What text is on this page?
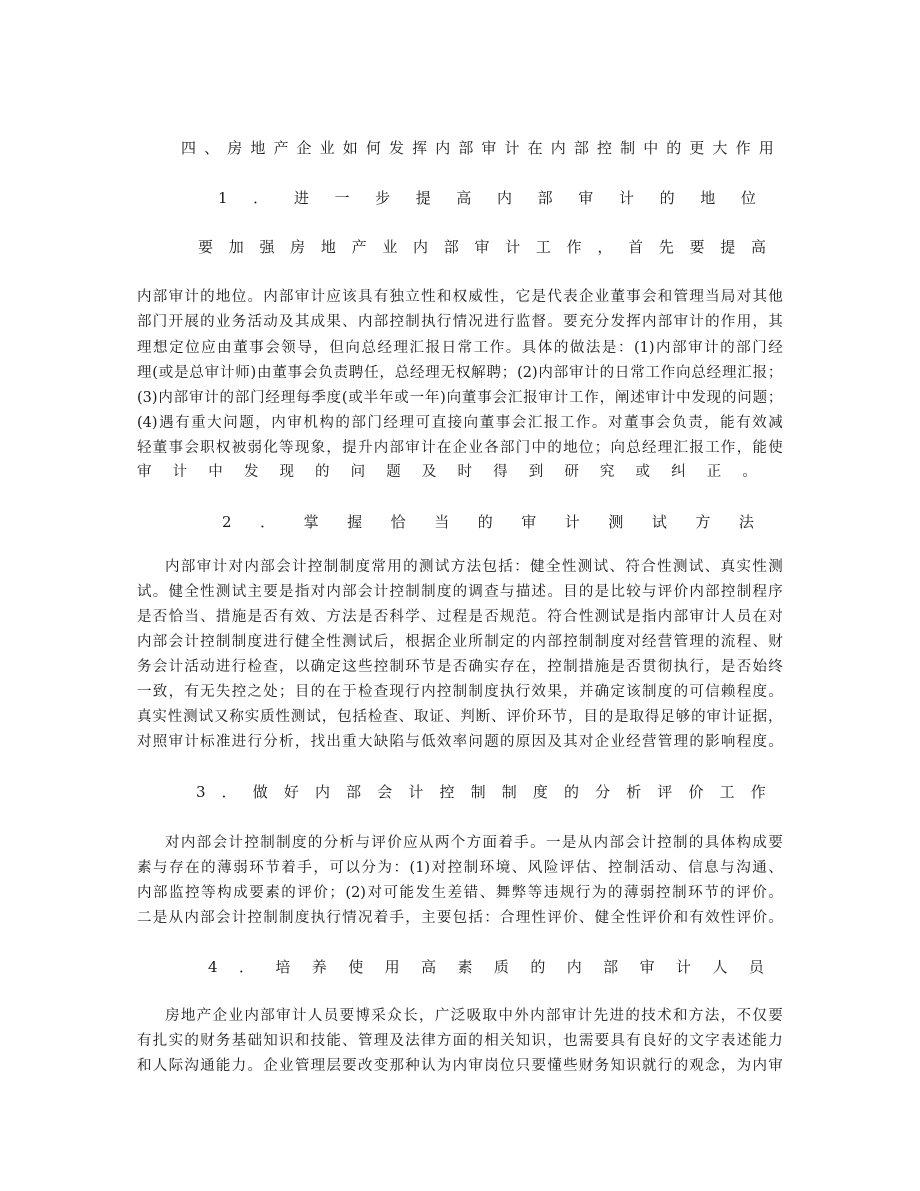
四 、 房 地 产 企 业 如 何 发 挥 内 部 审 计 在 内 部 控 制 中 的 更 大 作 用
1 ． 进 一 步 提 高 内 部 审 计 的 地 位
要 加 强 房 地 产 业 内 部 审 计 工 作 ， 首 先 要 提 高
内 部 审 计 的 地 位 。 内 部 审 计 应 该 具 有 独 立 性 和 权 威 性 ， 它 是 代 表 企 业 董 事 会 和 管 理 当 局 对 其 他
部 门 开 展 的 业 务 活 动 及 其 成 果 、 内 部 控 制 执 行 情 况 进 行 监 督 。 要 充 分 发 挥 内 部 审 计 的 作 用 ， 其
理 想 定 位 应 由 董 事 会 领 导 ， 但 向 总 经 理 汇 报 日 常 工 作 。 具 体 的 做 法 是 ： (1) 内 部 审 计 的 部 门 经
理 ( 或 是 总 审 计 师 ) 由 董 事 会 负 责 聘 任 ， 总 经 理 无 权 解 聘 ； (2) 内 部 审 计 的 日 常 工 作 向 总 经 理 汇 报 ；
(3) 内 部 审 计 的 部 门 经 理 每 季 度 ( 或 半 年 或 一 年 ) 向 董 事 会 汇 报 审 计 工 作 ， 阐 述 审 计 中 发 现 的 问 题 ；
(4) 遇 有 重 大 问 题 ， 内 审 机 构 的 部 门 经 理 可 直 接 向 董 事 会 汇 报 工 作 。 对 董 事 会 负 责 ， 能 有 效 减
轻 董 事 会 职 权 被 弱 化 等 现 象 ， 提 升 内 部 审 计 在 企 业 各 部 门 中 的 地 位 ； 向 总 经 理 汇 报 工 作 ， 能 使
审 计 中 发 现 的 问 题 及 时 得 到 研 究 或 纠 正 。
2 ． 掌 握 恰 当 的 审 计 测 试 方 法
内 部 审 计 对 内 部 会 计 控 制 制 度 常 用 的 测 试 方 法 包 括 ： 健 全 性 测 试 、 符 合 性 测 试 、 真 实 性 测
试 。 健 全 性 测 试 主 要 是 指 对 内 部 会 计 控 制 制 度 的 调 查 与 描 述 。 目 的 是 比 较 与 评 价 内 部 控 制 程 序
是 否 恰 当 、 措 施 是 否 有 效 、 方 法 是 否 科 学 、 过 程 是 否 规 范 。 符 合 性 测 试 是 指 内 部 审 计 人 员 在 对
内 部 会 计 控 制 制 度 进 行 健 全 性 测 试 后 ， 根 据 企 业 所 制 定 的 内 部 控 制 制 度 对 经 营 管 理 的 流 程 、 财
务 会 计 活 动 进 行 检 查 ， 以 确 定 这 些 控 制 环 节 是 否 确 实 存 在 ， 控 制 措 施 是 否 贯 彻 执 行 ， 是 否 始 终
一 致 ， 有 无 失 控 之 处 ； 目 的 在 于 检 查 现 行 内 控 制 制 度 执 行 效 果 ， 并 确 定 该 制 度 的 可 信 赖 程 度 。
真 实 性 测 试 又 称 实 质 性 测 试 ， 包 括 检 查 、 取 证 、 判 断 、 评 价 环 节 ， 目 的 是 取 得 足 够 的 审 计 证 据 ，
对 照 审 计 标 准 进 行 分 析 ， 找 出 重 大 缺 陷 与 低 效 率 问 题 的 原 因 及 其 对 企 业 经 营 管 理 的 影 响 程 度 。
3 ． 做 好 内 部 会 计 控 制 制 度 的 分 析 评 价 工 作
对 内 部 会 计 控 制 制 度 的 分 析 与 评 价 应 从 两 个 方 面 着 手 。 一 是 从 内 部 会 计 控 制 的 具 体 构 成 要
素 与 存 在 的 薄 弱 环 节 着 手 ， 可 以 分 为 ： (1) 对 控 制 环 境 、 风 险 评 估 、 控 制 活 动 、 信 息 与 沟 通 、
内 部 监 控 等 构 成 要 素 的 评 价 ； (2) 对 可 能 发 生 差 错 、 舞 弊 等 违 规 行 为 的 薄 弱 控 制 环 节 的 评 价 。
二 是 从 内 部 会 计 控 制 制 度 执 行 情 况 着 手 ， 主 要 包 括 ： 合 理 性 评 价 、 健 全 性 评 价 和 有 效 性 评 价 。
4 ． 培 养 使 用 高 素 质 的 内 部 审 计 人 员
房 地 产 企 业 内 部 审 计 人 员 要 博 采 众 长 ， 广 泛 吸 取 中 外 内 部 审 计 先 进 的 技 术 和 方 法 ， 不 仅 要
有 扎 实 的 财 务 基 础 知 识 和 技 能 、 管 理 及 法 律 方 面 的 相 关 知 识 ， 也 需 要 具 有 良 好 的 文 字 表 述 能 力
和 人 际 沟 通 能 力 。 企 业 管 理 层 要 改 变 那 种 认 为 内 审 岗 位 只 要 懂 些 财 务 知 识 就 行 的 观 念 ， 为 内 审
